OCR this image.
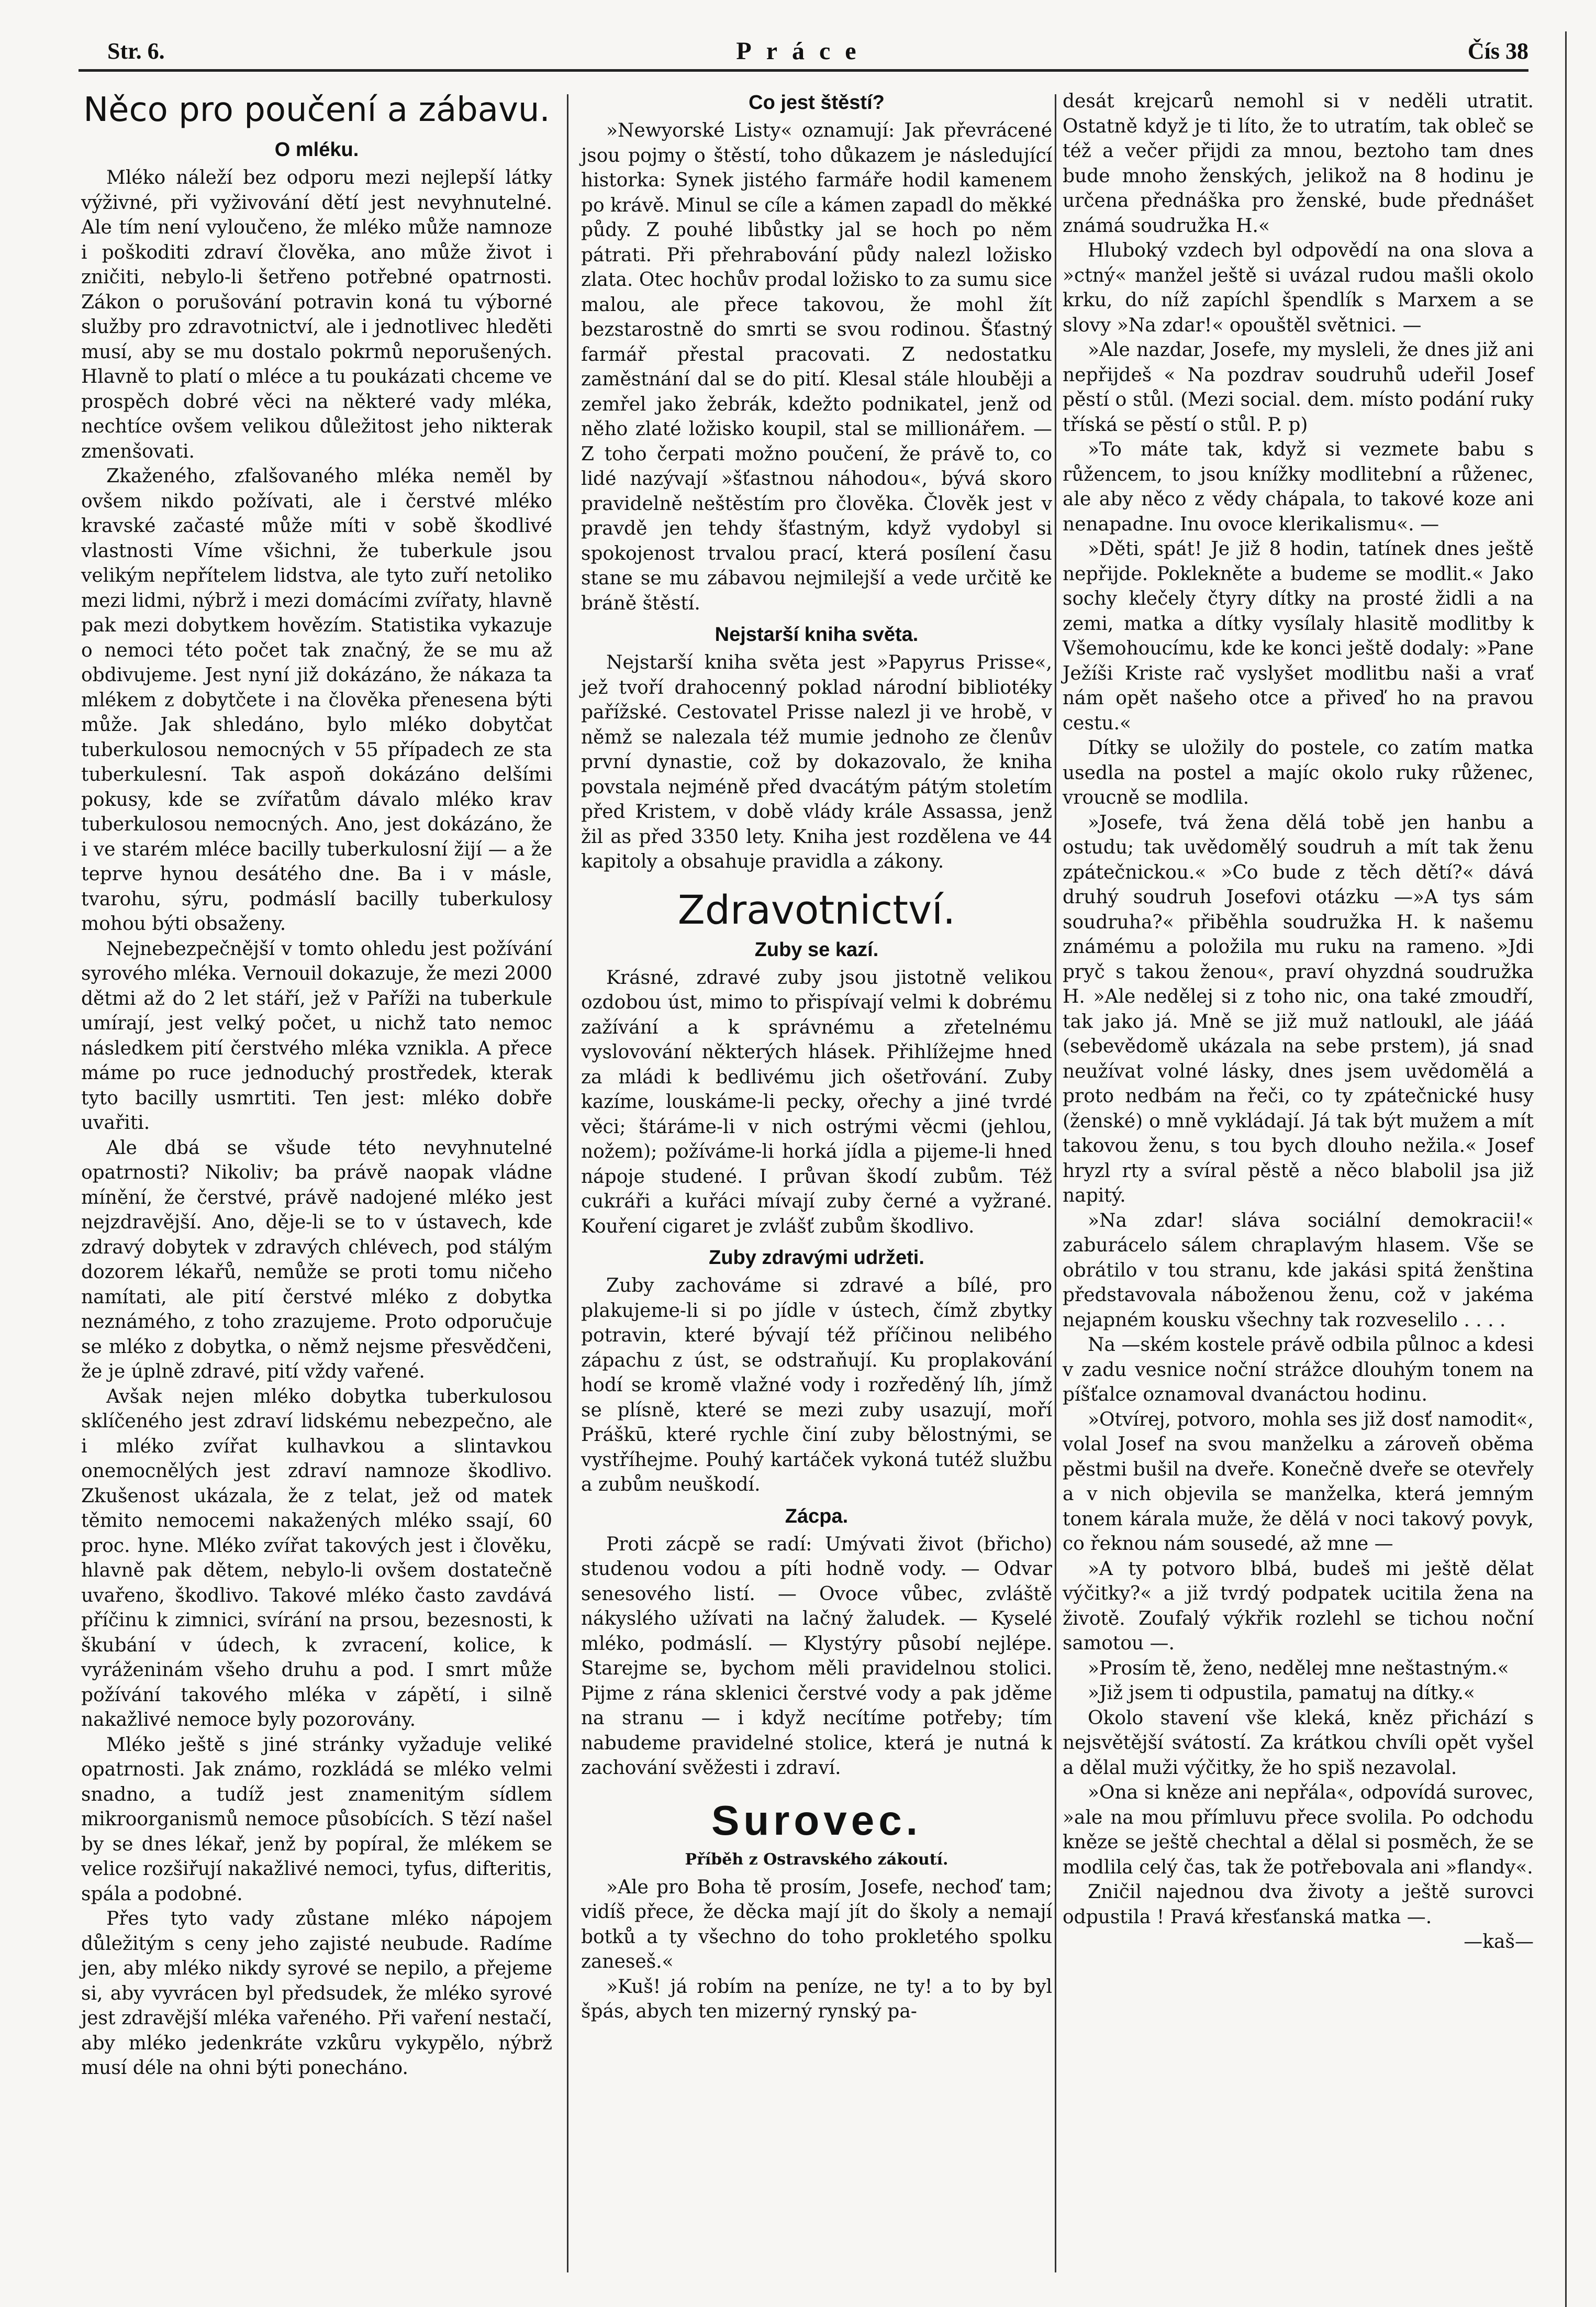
Str. 6.	Práce	Čís 38
Něco pro poučení a zábavu.
O mléku.

Mléko náleží bez odporu mezi nejlepší látky výživné, při vyživování dětí jest nevyhnutelné. Ale tím není vyloučeno, že mléko může namnoze i poškoditi zdraví člověka, ano může život i zničiti, nebylo-li šetřeno potřebné opatrnosti. Zákon o porušování potravin koná tu výborné služby pro zdravotnictví, ale i jednotlivec hleděti musí, aby se mu dostalo pokrmů neporušených. Hlavně to platí o mléce a tu poukázati chceme ve prospěch dobré věci na některé vady mléka, nechtíce ovšem velikou důležitost jeho nikterak zmenšovati.

Zkaženého, zfalšovaného mléka neměl by ovšem nikdo požívati, ale i čerstvé mléko kravské začasté může míti v sobě škodlivé vlastnosti Víme všichni, že tuberkule jsou velikým nepřítelem lidstva, ale tyto zuří netoliko mezi lidmi, nýbrž i mezi domácími zvířaty, hlavně pak mezi dobytkem hovězím. Statistika vykazuje o nemoci této počet tak značný, že se mu až obdivujeme. Jest nyní již dokázáno, že nákaza ta mlékem z dobytčete i na člověka přenesena býti může. Jak shledáno, bylo mléko dobytčat tuberkulosou nemocných v 55 případech ze sta tuberkulesní. Tak aspoň dokázáno delšími pokusy, kde se zvířatům dávalo mléko krav tuberkulosou nemocných. Ano, jest dokázáno, že i ve starém mléce bacilly tuberkulosní žijí — a že teprve hynou desátého dne. Ba i v másle, tvarohu, sýru, podmáslí bacilly tuberkulosy mohou býti obsaženy.

Nejnebezpečnější v tomto ohledu jest požívání syrového mléka. Vernouil dokazuje, že mezi 2000 dětmi až do 2 let stáří, jež v Paříži na tuberkule umírají, jest velký počet, u nichž tato nemoc následkem pití čerstvého mléka vznikla. A přece máme po ruce jednoduchý prostředek, kterak tyto bacilly usmrtiti. Ten jest: mléko dobře uvařiti.

Ale dbá se všude této nevyhnutelné opatrnosti? Nikoliv; ba právě naopak vládne mínění, že čerstvé, právě nadojené mléko jest nejzdravější. Ano, děje-li se to v ústavech, kde zdravý dobytek v zdravých chlévech, pod stálým dozorem lékařů, nemůže se proti tomu ničeho namítati, ale pití čerstvé mléko z dobytka neznámého, z toho zrazujeme. Proto odporučuje se mléko z dobytka, o němž nejsme přesvědčeni, že je úplně zdravé, pití vždy vařené.

Avšak nejen mléko dobytka tuberkulosou sklíčeného jest zdraví lidskému nebezpečno, ale i mléko zvířat kulhavkou a slintavkou onemocnělých jest zdraví namnoze škodlivo. Zkušenost ukázala, že z telat, jež od matek těmito nemocemi nakažených mléko ssají, 60 proc. hyne. Mléko zvířat takových jest i člověku, hlavně pak dětem, nebylo-li ovšem dostatečně uvařeno, škodlivo. Takové mléko často zavdává příčinu k zimnici, svírání na prsou, bezesnosti, k škubání v údech, k zvracení, kolice, k vyráženinám všeho druhu a pod. I smrt může požívání takového mléka v zápětí, i silně nakažlivé nemoce byly pozorovány.

Mléko ještě s jiné stránky vyžaduje veliké opatrnosti. Jak známo, rozkládá se mléko velmi snadno, a tudíž jest znamenitým sídlem mikroorganismů nemoce působících. S tězí našel by se dnes lékař, jenž by popíral, že mlékem se velice rozšiřují nakažlivé nemoci, tyfus, difteritis, spála a podobné.

Přes tyto vady zůstane mléko nápojem důležitým s ceny jeho zajisté neubude. Radíme jen, aby mléko nikdy syrové se nepilo, a přejeme si, aby vyvrácen byl předsudek, že mléko syrové jest zdravější mléka vařeného. Při vaření nestačí, aby mléko jedenkráte vzkůru vykypělo, nýbrž musí déle na ohni býti ponecháno.

Co jest štěstí?

»Newyorské Listy« oznamují: Jak převrácené jsou pojmy o štěstí, toho důkazem je následující historka: Synek jistého farmáře hodil kamenem po krávě. Minul se cíle a kámen zapadl do měkké půdy. Z pouhé libůstky jal se hoch po něm pátrati. Při přehrabování půdy nalezl ložisko zlata. Otec hochův prodal ložisko to za sumu sice malou, ale přece takovou, že mohl žít bezstarostně do smrti se svou rodinou. Šťastný farmář přestal pracovati. Z nedostatku zaměstnání dal se do pití. Klesal stále hlouběji a zemřel jako žebrák, kdežto podnikatel, jenž od něho zlaté ložisko koupil, stal se millionářem. — Z toho čerpati možno poučení, že právě to, co lidé nazývají »šťastnou náhodou«, bývá skoro pravidelně neštěstím pro člověka. Člověk jest v pravdě jen tehdy šťastným, když vydobyl si spokojenost trvalou prací, která posílení času stane se mu zábavou nejmilejší a vede určitě ke bráně štěstí.

Nejstarší kniha světa.

Nejstarší kniha světa jest »Papyrus Prisse«, jež tvoří drahocenný poklad národní bibliotéky pařížské. Cestovatel Prisse nalezl ji ve hrobě, v němž se nalezala též mumie jednoho ze členův první dynastie, což by dokazovalo, že kniha povstala nejméně před dvacátým pátým stoletím před Kristem, v době vlády krále Assassa, jenž žil as před 3350 lety. Kniha jest rozdělena ve 44 kapitoly a obsahuje pravidla a zákony.

Zdravotnictví.
Zuby se kazí.

Krásné, zdravé zuby jsou jistotně velikou ozdobou úst, mimo to přispívají velmi k dobrému zažívání a k správnému a zřetelnému vyslovování některých hlásek. Přihlížejme hned za mládi k bedlivému jich ošetřování. Zuby kazíme, louskáme-li pecky, ořechy a jiné tvrdé věci; štáráme-li v nich ostrými věcmi (jehlou, nožem); požíváme-li horká jídla a pijeme-li hned nápoje studené. I průvan škodí zubům. Též cukráři a kuřáci mívají zuby černé a vyžrané. Kouření cigaret je zvlášť zubům škodlivo.

Zuby zdravými udržeti.

Zuby zachováme si zdravé a bílé, pro plakujeme-li si po jídle v ústech, čímž zbytky potravin, které bývají též příčinou nelibého zápachu z úst, se odstraňují. Ku proplakování hodí se kromě vlažné vody i rozředěný líh, jímž se plísně, které se mezi zuby usazují, moří Práškū, které rychle činí zuby bělostnými, se vystříhejme. Pouhý kartáček vykoná tutéž službu a zubům neuškodí.

Zácpa.

Proti zácpě se radí: Umývati život (břicho) studenou vodou a píti hodně vody. — Odvar senesového listí. — Ovoce vůbec, zvláště nákyslého užívati na lačný žaludek. — Kyselé mléko, podmáslí. — Klystýry působí nejlépe. Starejme se, bychom měli pravidelnou stolici. Pijme z rána sklenici čerstvé vody a pak jděme na stranu — i když necítíme potřeby; tím nabudeme pravidelné stolice, která je nutná k zachování svěžesti i zdraví.

Surovec.
Příběh z Ostravského zákoutí.

»Ale pro Boha tě prosím, Josefe, nechoď tam; vidíš přece, že děcka mají jít do školy a nemají botků a ty všechno do toho prokletého spolku zaneseš.«

»Kuš! já robím na peníze, ne ty! a to by byl špás, abych ten mizerný rynský pa-

desát krejcarů nemohl si v neděli utratit. Ostatně když je ti líto, že to utratím, tak obleč se též a večer přijdi za mnou, beztoho tam dnes bude mnoho ženských, jelikož na 8 hodinu je určena přednáška pro ženské, bude přednášet známá soudružka H.«

Hluboký vzdech byl odpovědí na ona slova a »ctný« manžel ještě si uvázal rudou mašli okolo krku, do níž zapíchl špendlík s Marxem a se slovy »Na zdar!« opouštěl světnici. —

»Ale nazdar, Josefe, my mysleli, že dnes již ani nepřijdeš « Na pozdrav soudruhů udeřil Josef pěstí o stůl. (Mezi social. dem. místo podání ruky tříská se pěstí o stůl. P. p)

»To máte tak, když si vezmete babu s růžencem, to jsou knížky modlitební a růženec, ale aby něco z vědy chápala, to takové koze ani nenapadne. Inu ovoce klerikalismu«. —

»Děti, spát! Je již 8 hodin, tatínek dnes ještě nepřijde. Poklekněte a budeme se modlit.« Jako sochy klečely čtyry dítky na prosté židli a na zemi, matka a dítky vysílaly hlasitě modlitby k Všemohoucímu, kde ke konci ještě dodaly: »Pane Ježíši Kriste rač vyslyšet modlitbu naši a vrať nám opět našeho otce a přiveď ho na pravou cestu.«

Dítky se uložily do postele, co zatím matka usedla na postel a majíc okolo ruky růženec, vroucně se modlila.

»Josefe, tvá žena dělá tobě jen hanbu a ostudu; tak uvědomělý soudruh a mít tak ženu zpátečnickou.« »Co bude z těch dětí?« dává druhý soudruh Josefovi otázku —»A tys sám soudruha?« přiběhla soudružka H. k našemu známému a položila mu ruku na rameno. »Jdi pryč s takou ženou«, praví ohyzdná soudružka H. »Ale nedělej si z toho nic, ona také zmoudří, tak jako já. Mně se již muž natloukl, ale jááá (sebevědomě ukázala na sebe prstem), já snad neužívat volné lásky, dnes jsem uvědomělá a proto nedbám na řeči, co ty zpátečnické husy (ženské) o mně vykládají. Já tak být mužem a mít takovou ženu, s tou bych dlouho nežila.« Josef hryzl rty a svíral pěstě a něco blabolil jsa již napitý.

»Na zdar! sláva sociální demokracii!« zaburácelo sálem chraplavým hlasem. Vše se obrátilo v tou stranu, kde jakási spitá ženština představovala náboženou ženu, což v jakéma nejapném kousku všechny tak rozveselilo . . . .

Na —ském kostele právě odbila půlnoc a kdesi v zadu vesnice noční strážce dlouhým tonem na píšťalce oznamoval dvanáctou hodinu.

»Otvírej, potvoro, mohla ses již dosť namodit«, volal Josef na svou manželku a zároveň oběma pěstmi bušil na dveře. Konečně dveře se otevřely a v nich objevila se manželka, která jemným tonem kárala muže, že dělá v noci takový povyk, co řeknou nám sousedé, až mne —

»A ty potvoro blbá, budeš mi ještě dělat výčitky?« a již tvrdý podpatek ucitila žena na životě. Zoufalý výkřik rozlehl se tichou noční samotou —.

»Prosím tě, ženo, nedělej mne neštastným.«

»Již jsem ti odpustila, pamatuj na dítky.«

Okolo stavení vše kleká, kněz přichází s nejsvětější svátostí. Za krátkou chvíli opět vyšel a dělal muži výčitky, že ho spiš nezavolal.

»Ona si kněze ani nepřála«, odpovídá surovec, »ale na mou přímluvu přece svolila. Po odchodu kněze se ještě chechtal a dělal si posměch, že se modlila celý čas, tak že potřebovala ani »flandy«.

Zničil najednou dva životy a ještě surovci odpustila ! Pravá křesťanská matka —.

—kaš—
